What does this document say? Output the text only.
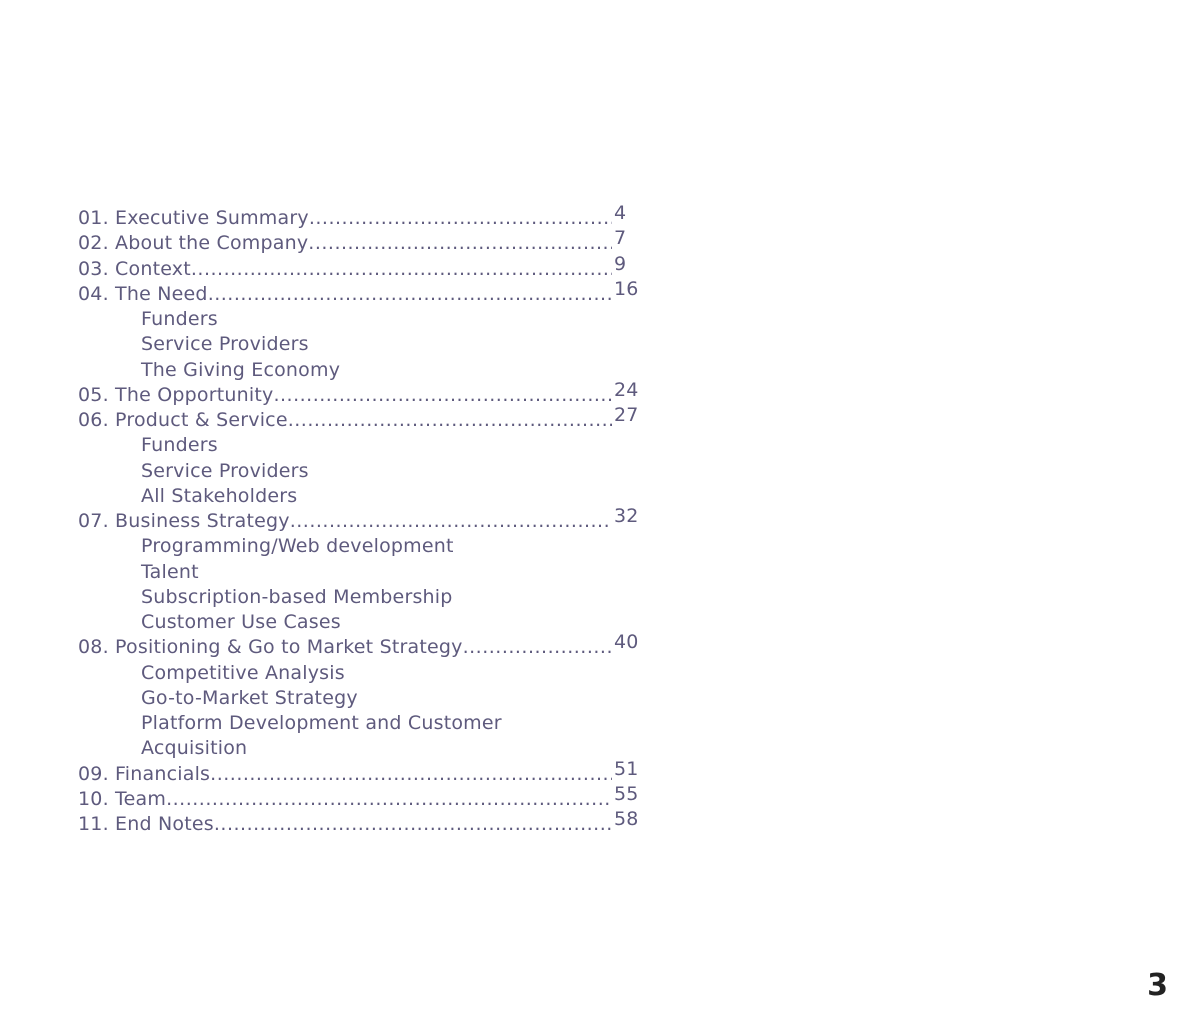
01. Executive Summary .....	4
02. About the Company .....	7
03. Context .....	9
04. The Need .....	16
Funders
Service Providers
The Giving Economy
05. The Opportunity .....	24
06. Product & Service .....	27
Funders
Service Providers
All Stakeholders
07. Business Strategy .....	32
Programming/Web development
Talent
Subscription-based Membership
Customer Use Cases
08. Positioning & Go to Market Strategy .....	40
Competitive Analysis
Go-to-Market Strategy
Platform Development and Customer
Acquisition
09. Financials .....	51
10. Team .....	55
11. End Notes .....	58
3
